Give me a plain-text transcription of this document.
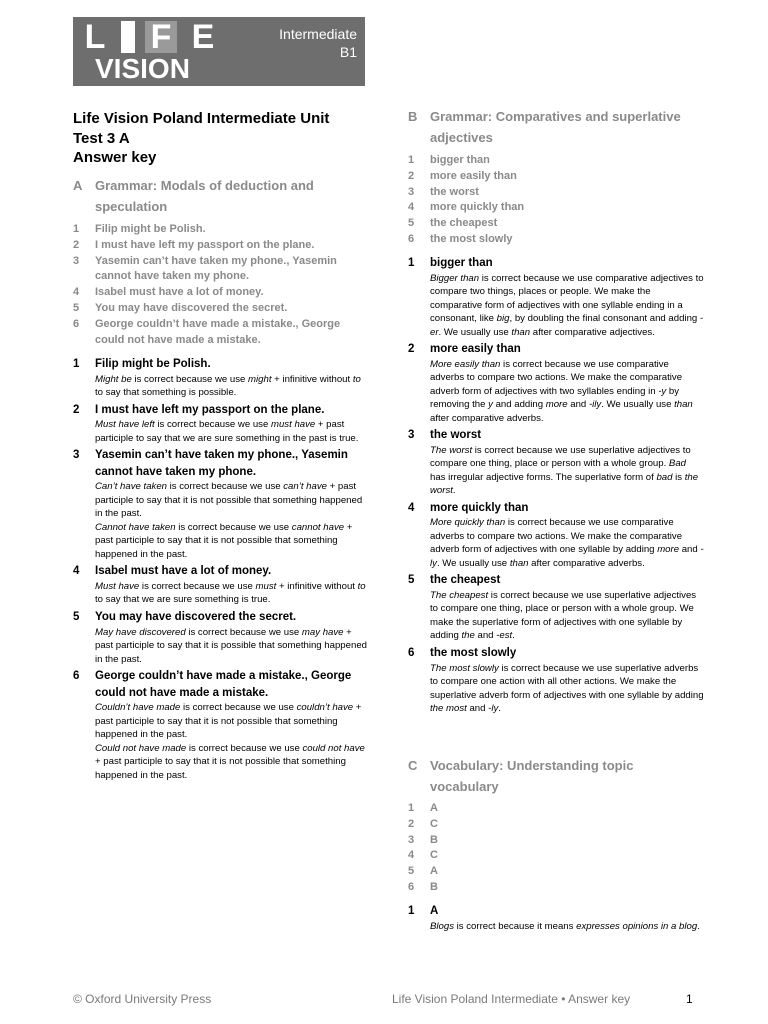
L F E
VISION
Intermediate
B1
Life Vision Poland Intermediate Unit
Test 3 A
Answer key
A Grammar: Modals of deduction and speculation
1	Filip might be Polish.
2	I must have left my passport on the plane.
3	Yasemin can’t have taken my phone., Yasemin cannot have taken my phone.
4	Isabel must have a lot of money.
5	You may have discovered the secret.
6	George couldn’t have made a mistake., George could not have made a mistake.
1	Filip might be Polish.
Might be is correct because we use might + infinitive without to to say that something is possible.
2	I must have left my passport on the plane.
Must have left is correct because we use must have + past participle to say that we are sure something in the past is true.
3	Yasemin can’t have taken my phone., Yasemin cannot have taken my phone.
Can’t have taken is correct because we use can’t have + past participle to say that it is not possible that something happened in the past.
Cannot have taken is correct because we use cannot have + past participle to say that it is not possible that something happened in the past.
4	Isabel must have a lot of money.
Must have is correct because we use must + infinitive without to to say that we are sure something is true.
5	You may have discovered the secret.
May have discovered is correct because we use may have + past participle to say that it is possible that something happened in the past.
6	George couldn’t have made a mistake., George could not have made a mistake.
Couldn’t have made is correct because we use couldn’t have + past participle to say that it is not possible that something happened in the past.
Could not have made is correct because we use could not have + past participle to say that it is not possible that something happened in the past.
B Grammar: Comparatives and superlative adjectives
1	bigger than
2	more easily than
3	the worst
4	more quickly than
5	the cheapest
6	the most slowly
1	bigger than
Bigger than is correct because we use comparative adjectives to compare two things, places or people. We make the comparative form of adjectives with one syllable ending in a consonant, like big, by doubling the final consonant and adding -er. We usually use than after comparative adjectives.
2	more easily than
More easily than is correct because we use comparative adverbs to compare two actions. We make the comparative adverb form of adjectives with two syllables ending in -y by removing the y and adding more and -ily. We usually use than after comparative adverbs.
3	the worst
The worst is correct because we use superlative adjectives to compare one thing, place or person with a whole group. Bad has irregular adjective forms. The superlative form of bad is the worst.
4	more quickly than
More quickly than is correct because we use comparative adverbs to compare two actions. We make the comparative adverb form of adjectives with one syllable by adding more and -ly. We usually use than after comparative adverbs.
5	the cheapest
The cheapest is correct because we use superlative adjectives to compare one thing, place or person with a whole group. We make the superlative form of adjectives with one syllable by adding the and -est.
6	the most slowly
The most slowly is correct because we use superlative adverbs to compare one action with all other actions. We make the superlative adverb form of adjectives with one syllable by adding the most and -ly.
C Vocabulary: Understanding topic vocabulary
1	A
2	C
3	B
4	C
5	A
6	B
1	A
Blogs is correct because it means expresses opinions in a blog.
© Oxford University Press	Life Vision Poland Intermediate • Answer key	1
